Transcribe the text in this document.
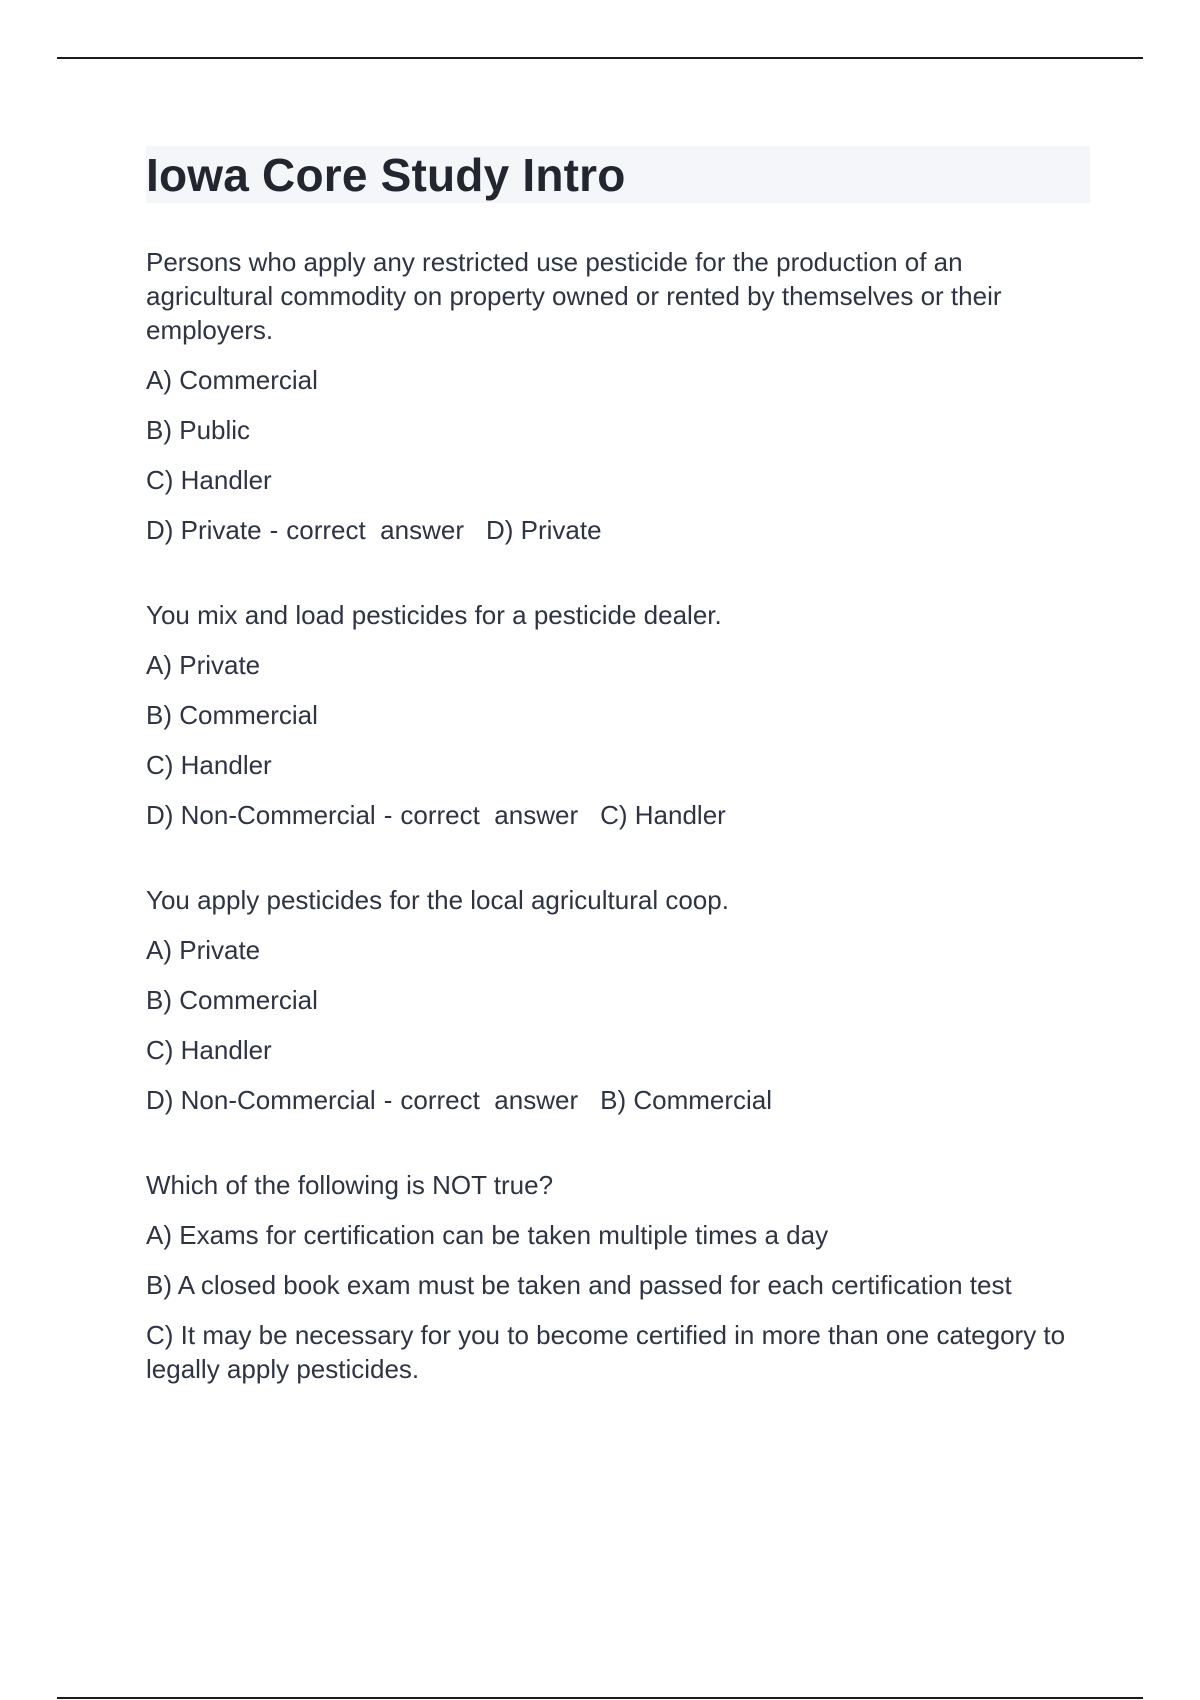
Iowa Core Study Intro

Persons who apply any restricted use pesticide for the production of an agricultural commodity on property owned or rented by themselves or their employers.

A) Commercial

B) Public

C) Handler

D) Private - correct  answer D) Private

You mix and load pesticides for a pesticide dealer.

A) Private

B) Commercial

C) Handler

D) Non-Commercial - correct  answer C) Handler

You apply pesticides for the local agricultural coop.

A) Private

B) Commercial

C) Handler

D) Non-Commercial - correct  answer B) Commercial

Which of the following is NOT true?

A) Exams for certification can be taken multiple times a day

B) A closed book exam must be taken and passed for each certification test

C) It may be necessary for you to become certified in more than one category to legally apply pesticides.
